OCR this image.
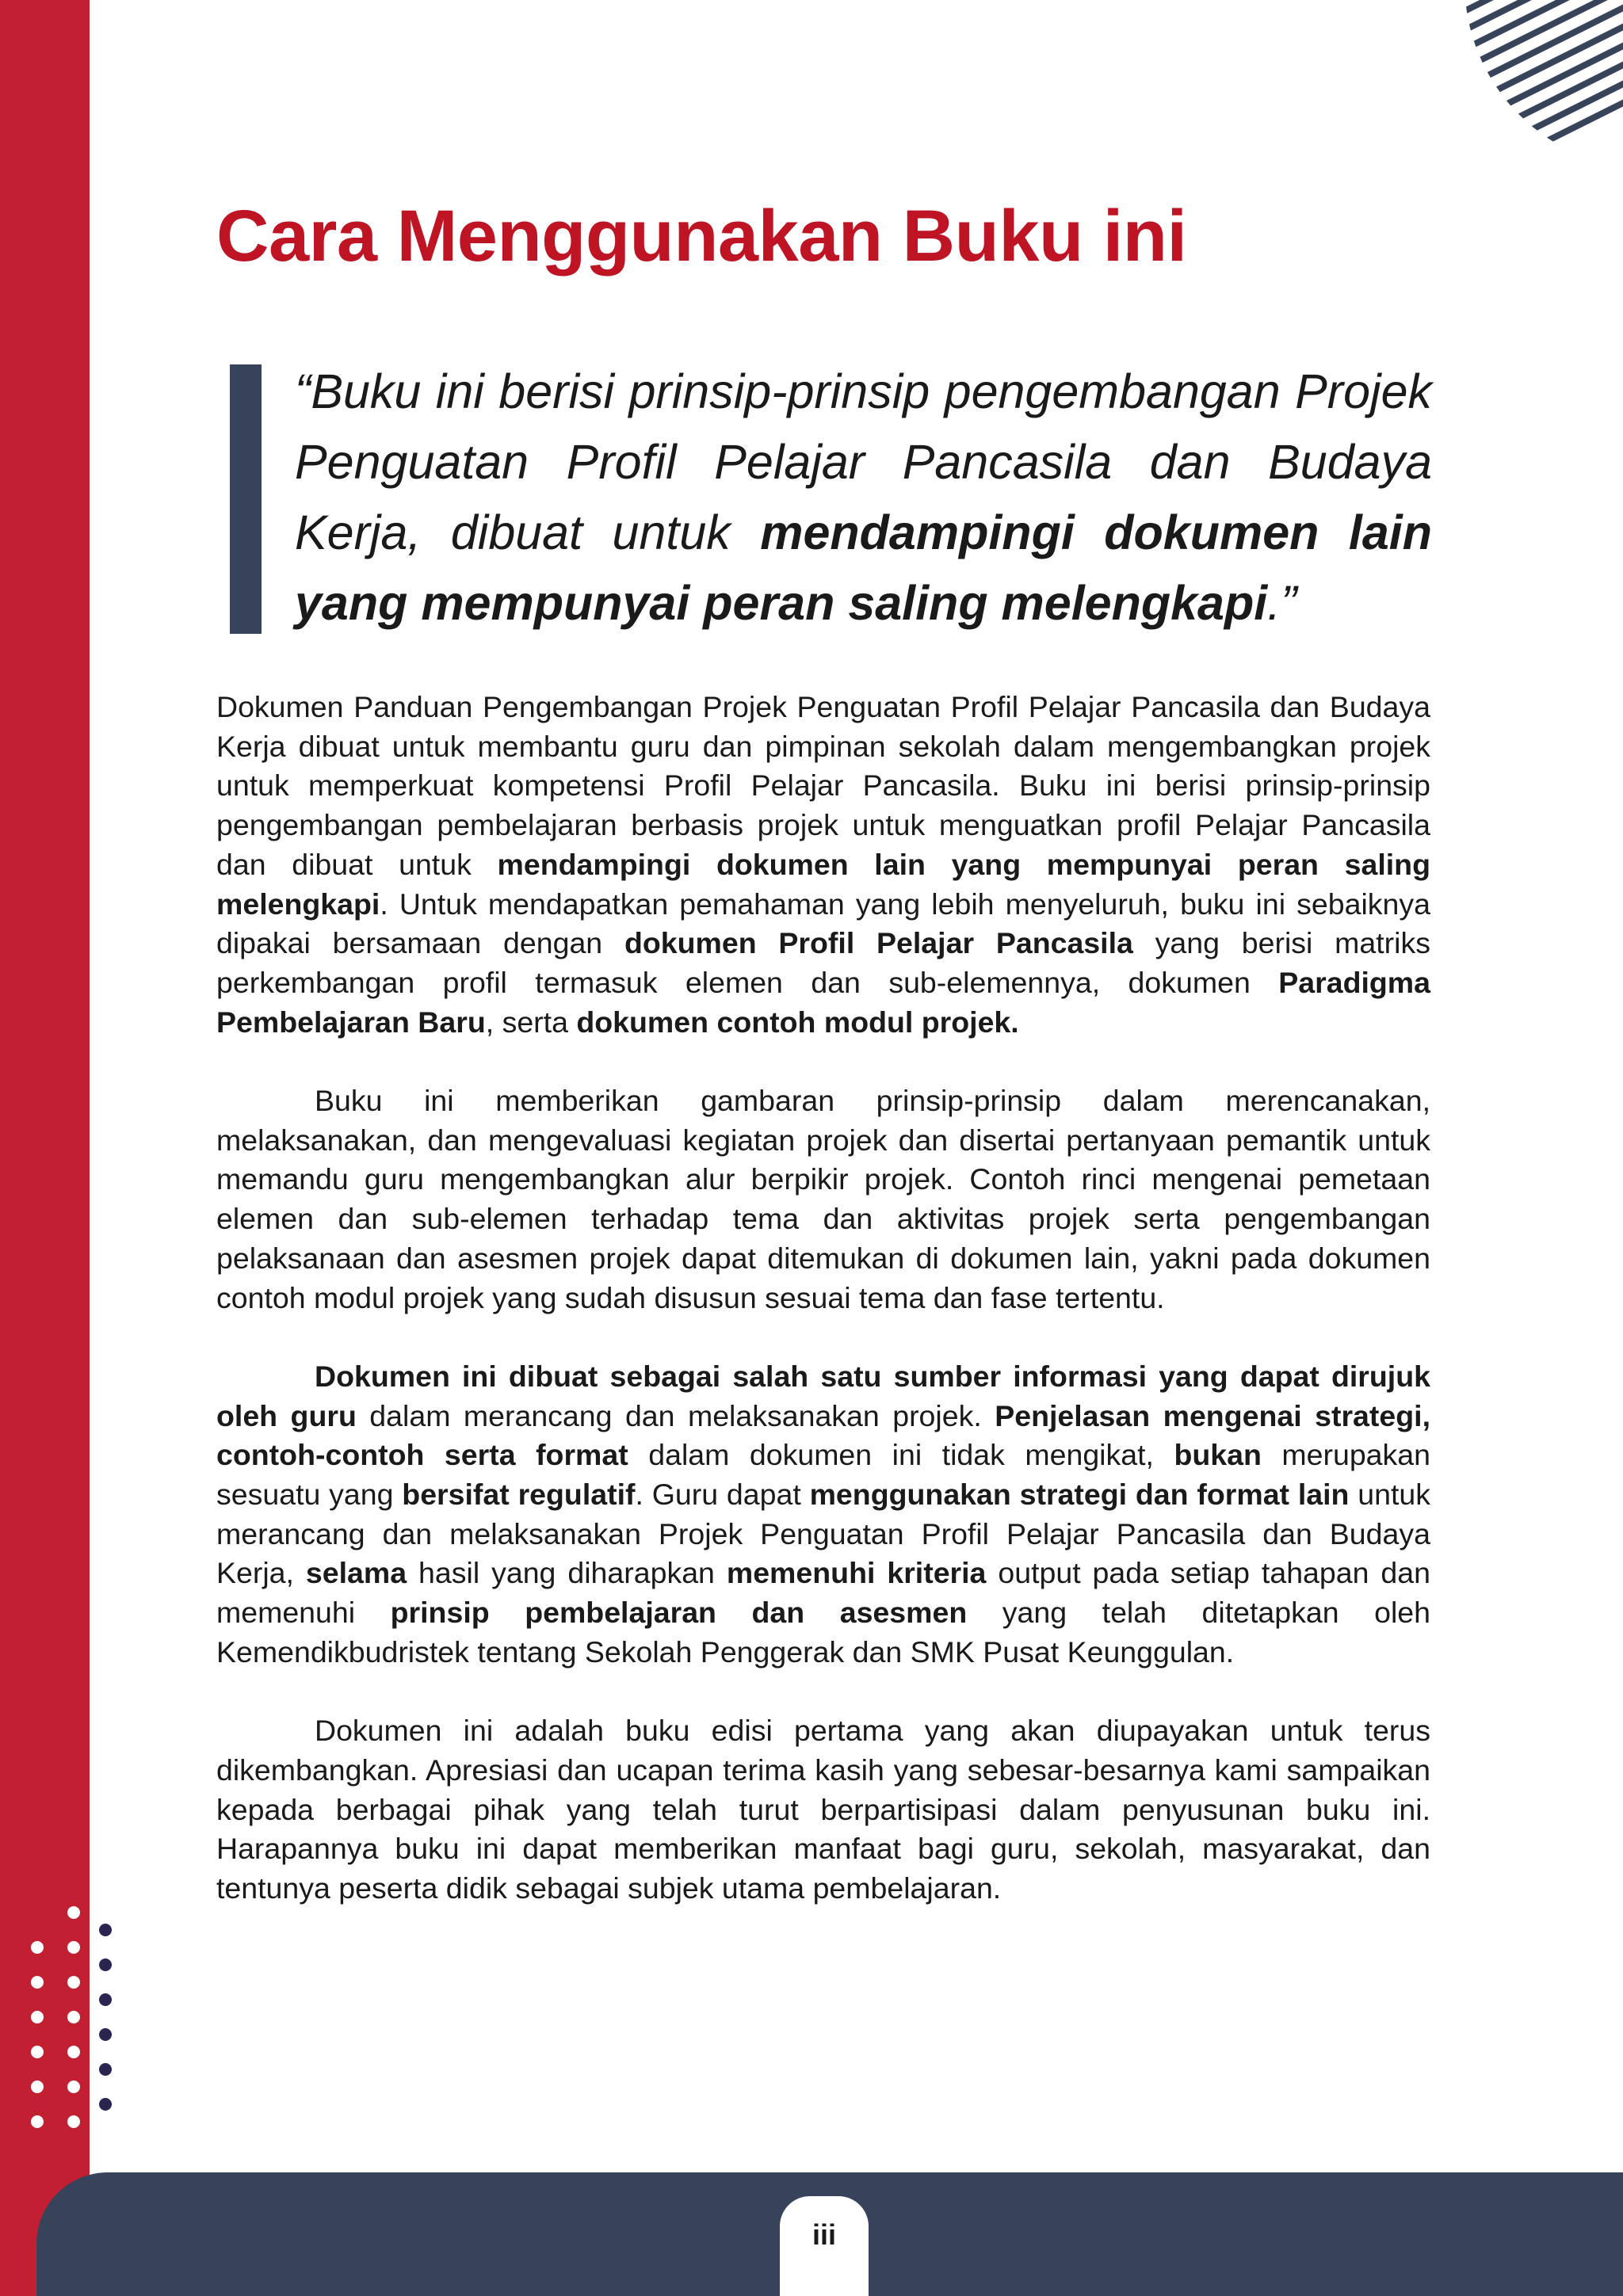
Cara Menggunakan Buku ini

“Buku ini berisi prinsip-prinsip pengembangan Projek Penguatan Profil Pelajar Pancasila dan Budaya Kerja, dibuat untuk mendampingi dokumen lain yang mempunyai peran saling melengkapi.”

Dokumen Panduan Pengembangan Projek Penguatan Profil Pelajar Pancasila dan Budaya Kerja dibuat untuk membantu guru dan pimpinan sekolah dalam mengembangkan projek untuk memperkuat kompetensi Profil Pelajar Pancasila. Buku ini berisi prinsip-prinsip pengembangan pembelajaran berbasis projek untuk menguatkan profil Pelajar Pancasila dan dibuat untuk mendampingi dokumen lain yang mempunyai peran saling melengkapi. Untuk mendapatkan pemahaman yang lebih menyeluruh, buku ini sebaiknya dipakai bersamaan dengan dokumen Profil Pelajar Pancasila yang berisi matriks perkembangan profil termasuk elemen dan sub-elemennya, dokumen Paradigma Pembelajaran Baru, serta dokumen contoh modul projek.

Buku ini memberikan gambaran prinsip-prinsip dalam merencanakan, melaksanakan, dan mengevaluasi kegiatan projek dan disertai pertanyaan pemantik untuk memandu guru mengembangkan alur berpikir projek. Contoh rinci mengenai pemetaan elemen dan sub-elemen terhadap tema dan aktivitas projek serta pengembangan pelaksanaan dan asesmen projek dapat ditemukan di dokumen lain, yakni pada dokumen contoh modul projek yang sudah disusun sesuai tema dan fase tertentu.

Dokumen ini dibuat sebagai salah satu sumber informasi yang dapat dirujuk oleh guru dalam merancang dan melaksanakan projek. Penjelasan mengenai strategi, contoh-contoh serta format dalam dokumen ini tidak mengikat, bukan merupakan sesuatu yang bersifat regulatif. Guru dapat menggunakan strategi dan format lain untuk merancang dan melaksanakan Projek Penguatan Profil Pelajar Pancasila dan Budaya Kerja, selama hasil yang diharapkan memenuhi kriteria output pada setiap tahapan dan memenuhi prinsip pembelajaran dan asesmen yang telah ditetapkan oleh Kemendikbudristek tentang Sekolah Penggerak dan SMK Pusat Keunggulan.

Dokumen ini adalah buku edisi pertama yang akan diupayakan untuk terus dikembangkan. Apresiasi dan ucapan terima kasih yang sebesar-besarnya kami sampaikan kepada berbagai pihak yang telah turut berpartisipasi dalam penyusunan buku ini. Harapannya buku ini dapat memberikan manfaat bagi guru, sekolah, masyarakat, dan tentunya peserta didik sebagai subjek utama pembelajaran.

iii
